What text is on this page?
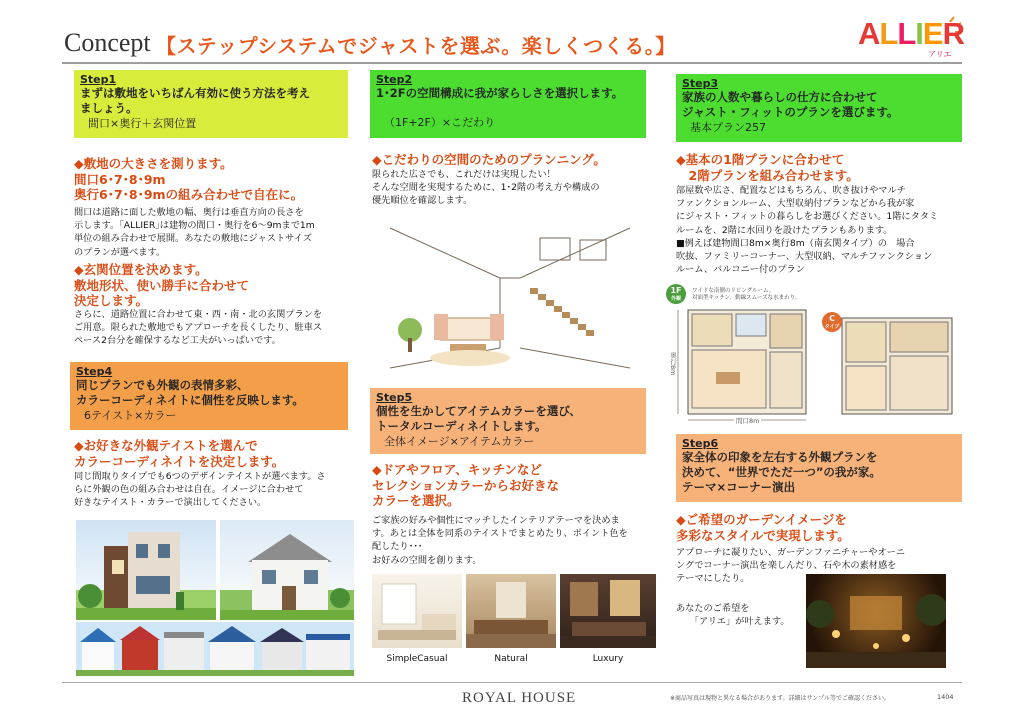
Concept 【ステップシステムでジャストを選ぶ。楽しくつくる。】	ALLIER
アリエ
Step1
まずは敷地をいちばん有効に使う方法を考え
ましょう。
間口×奥行＋玄関位置
◆敷地の大きさを測ります。
間口6･7･8･9m
奥行6･7･8･9mの組み合わせで自在に。
間口は道路に面した敷地の幅、奥行は垂直方向の長さを
示します。｢ALLIER｣は建物の間口・奥行を6～9mまで1m
単位の組み合わせで展開。あなたの敷地にジャストサイズ
のプランが選べます。
◆玄関位置を決めます。
敷地形状、使い勝手に合わせて
決定します。
さらに、道路位置に合わせて東・西・南・北の玄関プランを
ご用意。限られた敷地でもアプローチを長くしたり、駐車ス
ペース2台分を確保するなど工夫がいっぱいです。
Step4
同じプランでも外観の表情多彩、
カラーコーディネイトに個性を反映します。
6テイスト×カラー
◆お好きな外観テイストを選んで
カラーコーディネイトを決定します。
同じ間取りタイプでも6つのデザインテイストが選べます。さ
らに外観の色の組み合わせは自在。イメージに合わせて
好きなテイスト・カラーで演出してください。
Step2
1･2Fの空間構成に我が家らしさを選択します。
（1F+2F）×こだわり
◆こだわりの空間のためのプランニング。
限られた広さでも、これだけは実現したい！
そんな空間を実現するために、1･2階の考え方や構成の
優先順位を確認します。
Step5
個性を生かしてアイテムカラーを選び、
トータルコーディネイトします。
全体イメージ×アイテムカラー
◆ドアやフロア、キッチンなど
セレクションカラーからお好きな
カラーを選択。
ご家族の好みや個性にマッチしたインテリアテーマを決めま
す。あとは全体を同系のテイストでまとめたり、ポイント色を
配したり･･･
お好みの空間を創ります。
SimpleCasual	Natural	Luxury
Step3
家族の人数や暮らしの仕方に合わせて
ジャスト・フィットのプランを選びます。
基本プラン257
◆基本の1階プランに合わせて
　2階プランを組み合わせます。
部屋数や広さ、配置などはもちろん、吹き抜けやマルチ
ファンクションルーム、大型収納付プランなどから我が家
にジャスト・フィットの暮らしをお選びください。1階にタタミ
ルームを、2階に水回りを設けたプランもあります。
■例えば建物間口8m×奥行8m（南玄関タイプ）の　場合
吹抜、ファミリーコーナー、大型収納、マルチファンクション
ルーム、バルコニー付のプラン
1F
外観
ワイドな南側のリビングルーム。
対面型キッチン、動線スムーズな水まわり。
C
タイプ
間口8m
奥行8m
Step6
家全体の印象を左右する外観プランを
決めて、“世界でただ一つ”の我が家。
テーマ×コーナー演出
◆ご希望のガーデンイメージを
多彩なスタイルで実現します。
アプローチに凝りたい、ガーデンファニチャーやオーニ
ングでコーナー演出を楽しんだり、石や木の素材感を
テーマにしたり。
あなたのご希望を
　　「アリエ」が叶えます。
ROYAL HOUSE	※商品写真は現物と異なる場合があります。詳細はサンプル等でご確認ください。	1404
